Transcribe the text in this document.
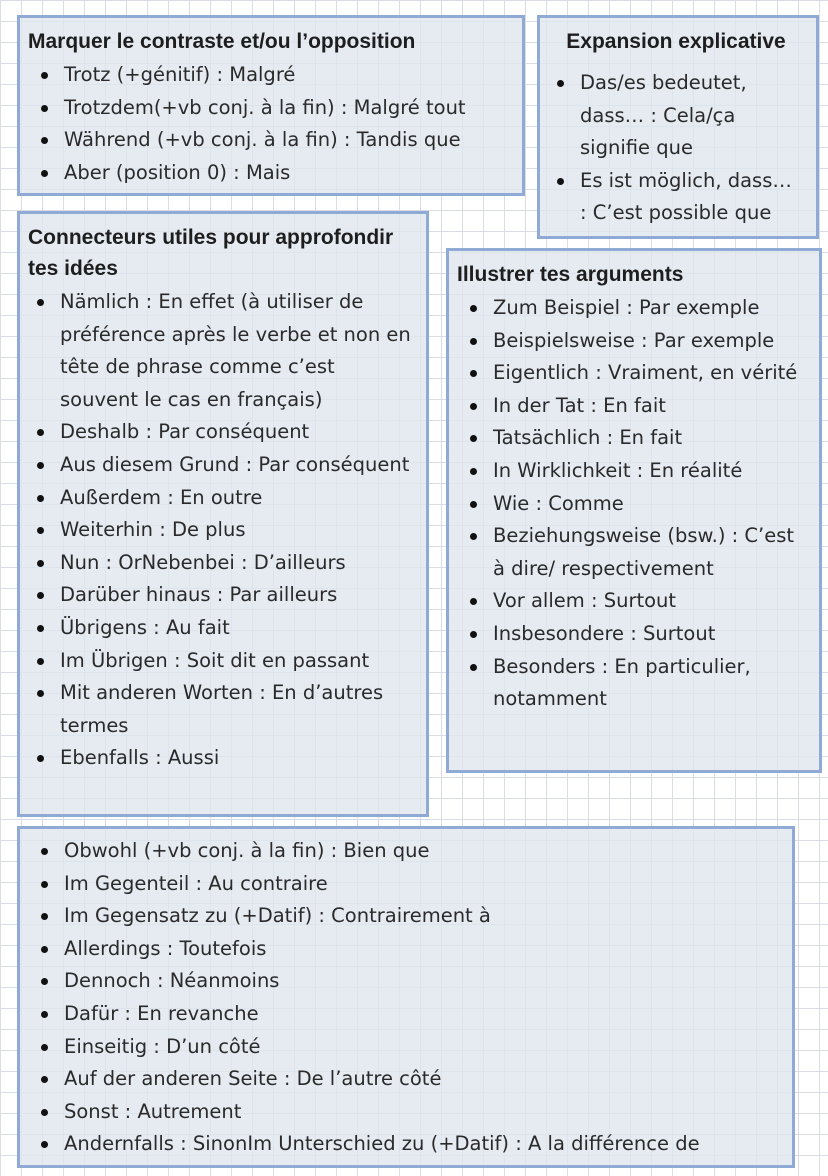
Marquer le contraste et/ou l’opposition
Trotz (+génitif) : Malgré
Trotzdem(+vb conj. à la fin) : Malgré tout
Während (+vb conj. à la fin) : Tandis que
Aber (position 0) : Mais
Expansion explicative
Das/es bedeutet, dass… : Cela/ça signifie que
Es ist möglich, dass… : C’est possible que
Connecteurs utiles pour approfondir tes idées
Nämlich : En effet (à utiliser de préférence après le verbe et non en tête de phrase comme c’est souvent le cas en français)
Deshalb : Par conséquent
Aus diesem Grund : Par conséquent
Außerdem : En outre
Weiterhin : De plus
Nun : OrNebenbei : D’ailleurs
Darüber hinaus : Par ailleurs
Übrigens : Au fait
Im Übrigen : Soit dit en passant
Mit anderen Worten : En d’autres termes
Ebenfalls : Aussi
Illustrer tes arguments
Zum Beispiel : Par exemple
Beispielsweise : Par exemple
Eigentlich : Vraiment, en vérité
In der Tat : En fait
Tatsächlich : En fait
In Wirklichkeit : En réalité
Wie : Comme
Beziehungsweise (bsw.) : C’est à dire/ respectivement
Vor allem : Surtout
Insbesondere : Surtout
Besonders : En particulier, notamment
Obwohl (+vb conj. à la fin) : Bien que
Im Gegenteil : Au contraire
Im Gegensatz zu (+Datif) : Contrairement à
Allerdings : Toutefois
Dennoch : Néanmoins
Dafür : En revanche
Einseitig : D’un côté
Auf der anderen Seite : De l’autre côté
Sonst : Autrement
Andernfalls : SinonIm Unterschied zu (+Datif) : A la différence de
